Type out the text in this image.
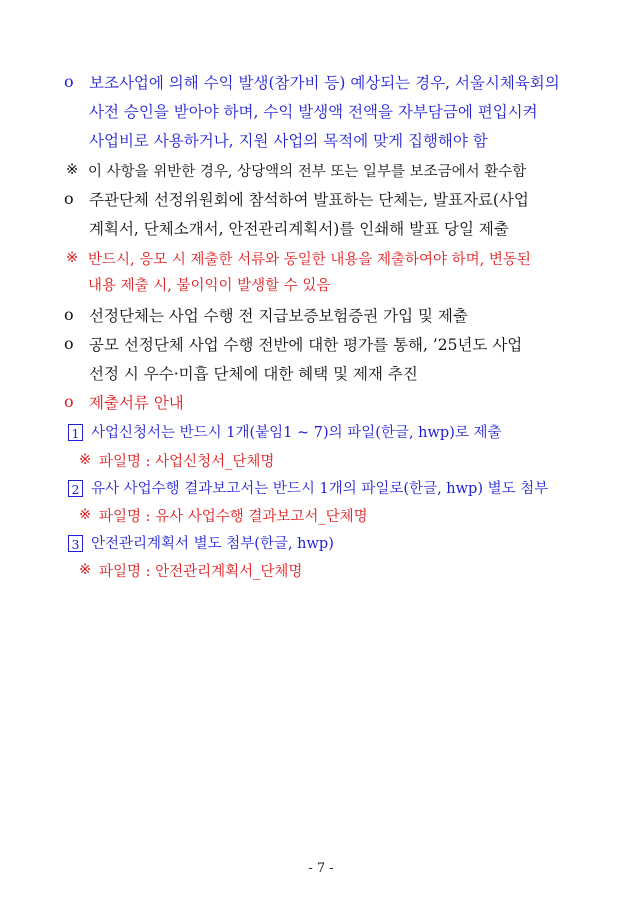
o 보조사업에 의해 수익 발생(참가비 등) 예상되는 경우, 서울시체육회의
사전 승인을 받아야 하며, 수익 발생액 전액을 자부담금에 편입시켜
사업비로 사용하거나, 지원 사업의 목적에 맞게 집행해야 함
※ 이 사항을 위반한 경우, 상당액의 전부 또는 일부를 보조금에서 환수함
o 주관단체 선정위원회에 참석하여 발표하는 단체는, 발표자료(사업
계획서, 단체소개서, 안전관리계획서)를 인쇄해 발표 당일 제출
※ 반드시, 응모 시 제출한 서류와 동일한 내용을 제출하여야 하며, 변동된
내용 제출 시, 불이익이 발생할 수 있음
o 선정단체는 사업 수행 전 지급보증보험증권 가입 및 제출
o 공모 선정단체 사업 수행 전반에 대한 평가를 통해, ’25년도 사업
선정 시 우수·미흡 단체에 대한 혜택 및 제재 추진
o 제출서류 안내
1 사업신청서는 반드시 1개(붙임1 ~ 7)의 파일(한글, hwp)로 제출
※ 파일명 : 사업신청서_단체명
2 유사 사업수행 결과보고서는 반드시 1개의 파일로(한글, hwp) 별도 첨부
※ 파일명 : 유사 사업수행 결과보고서_단체명
3 안전관리계획서 별도 첨부(한글, hwp)
※ 파일명 : 안전관리계획서_단체명
- 7 -
